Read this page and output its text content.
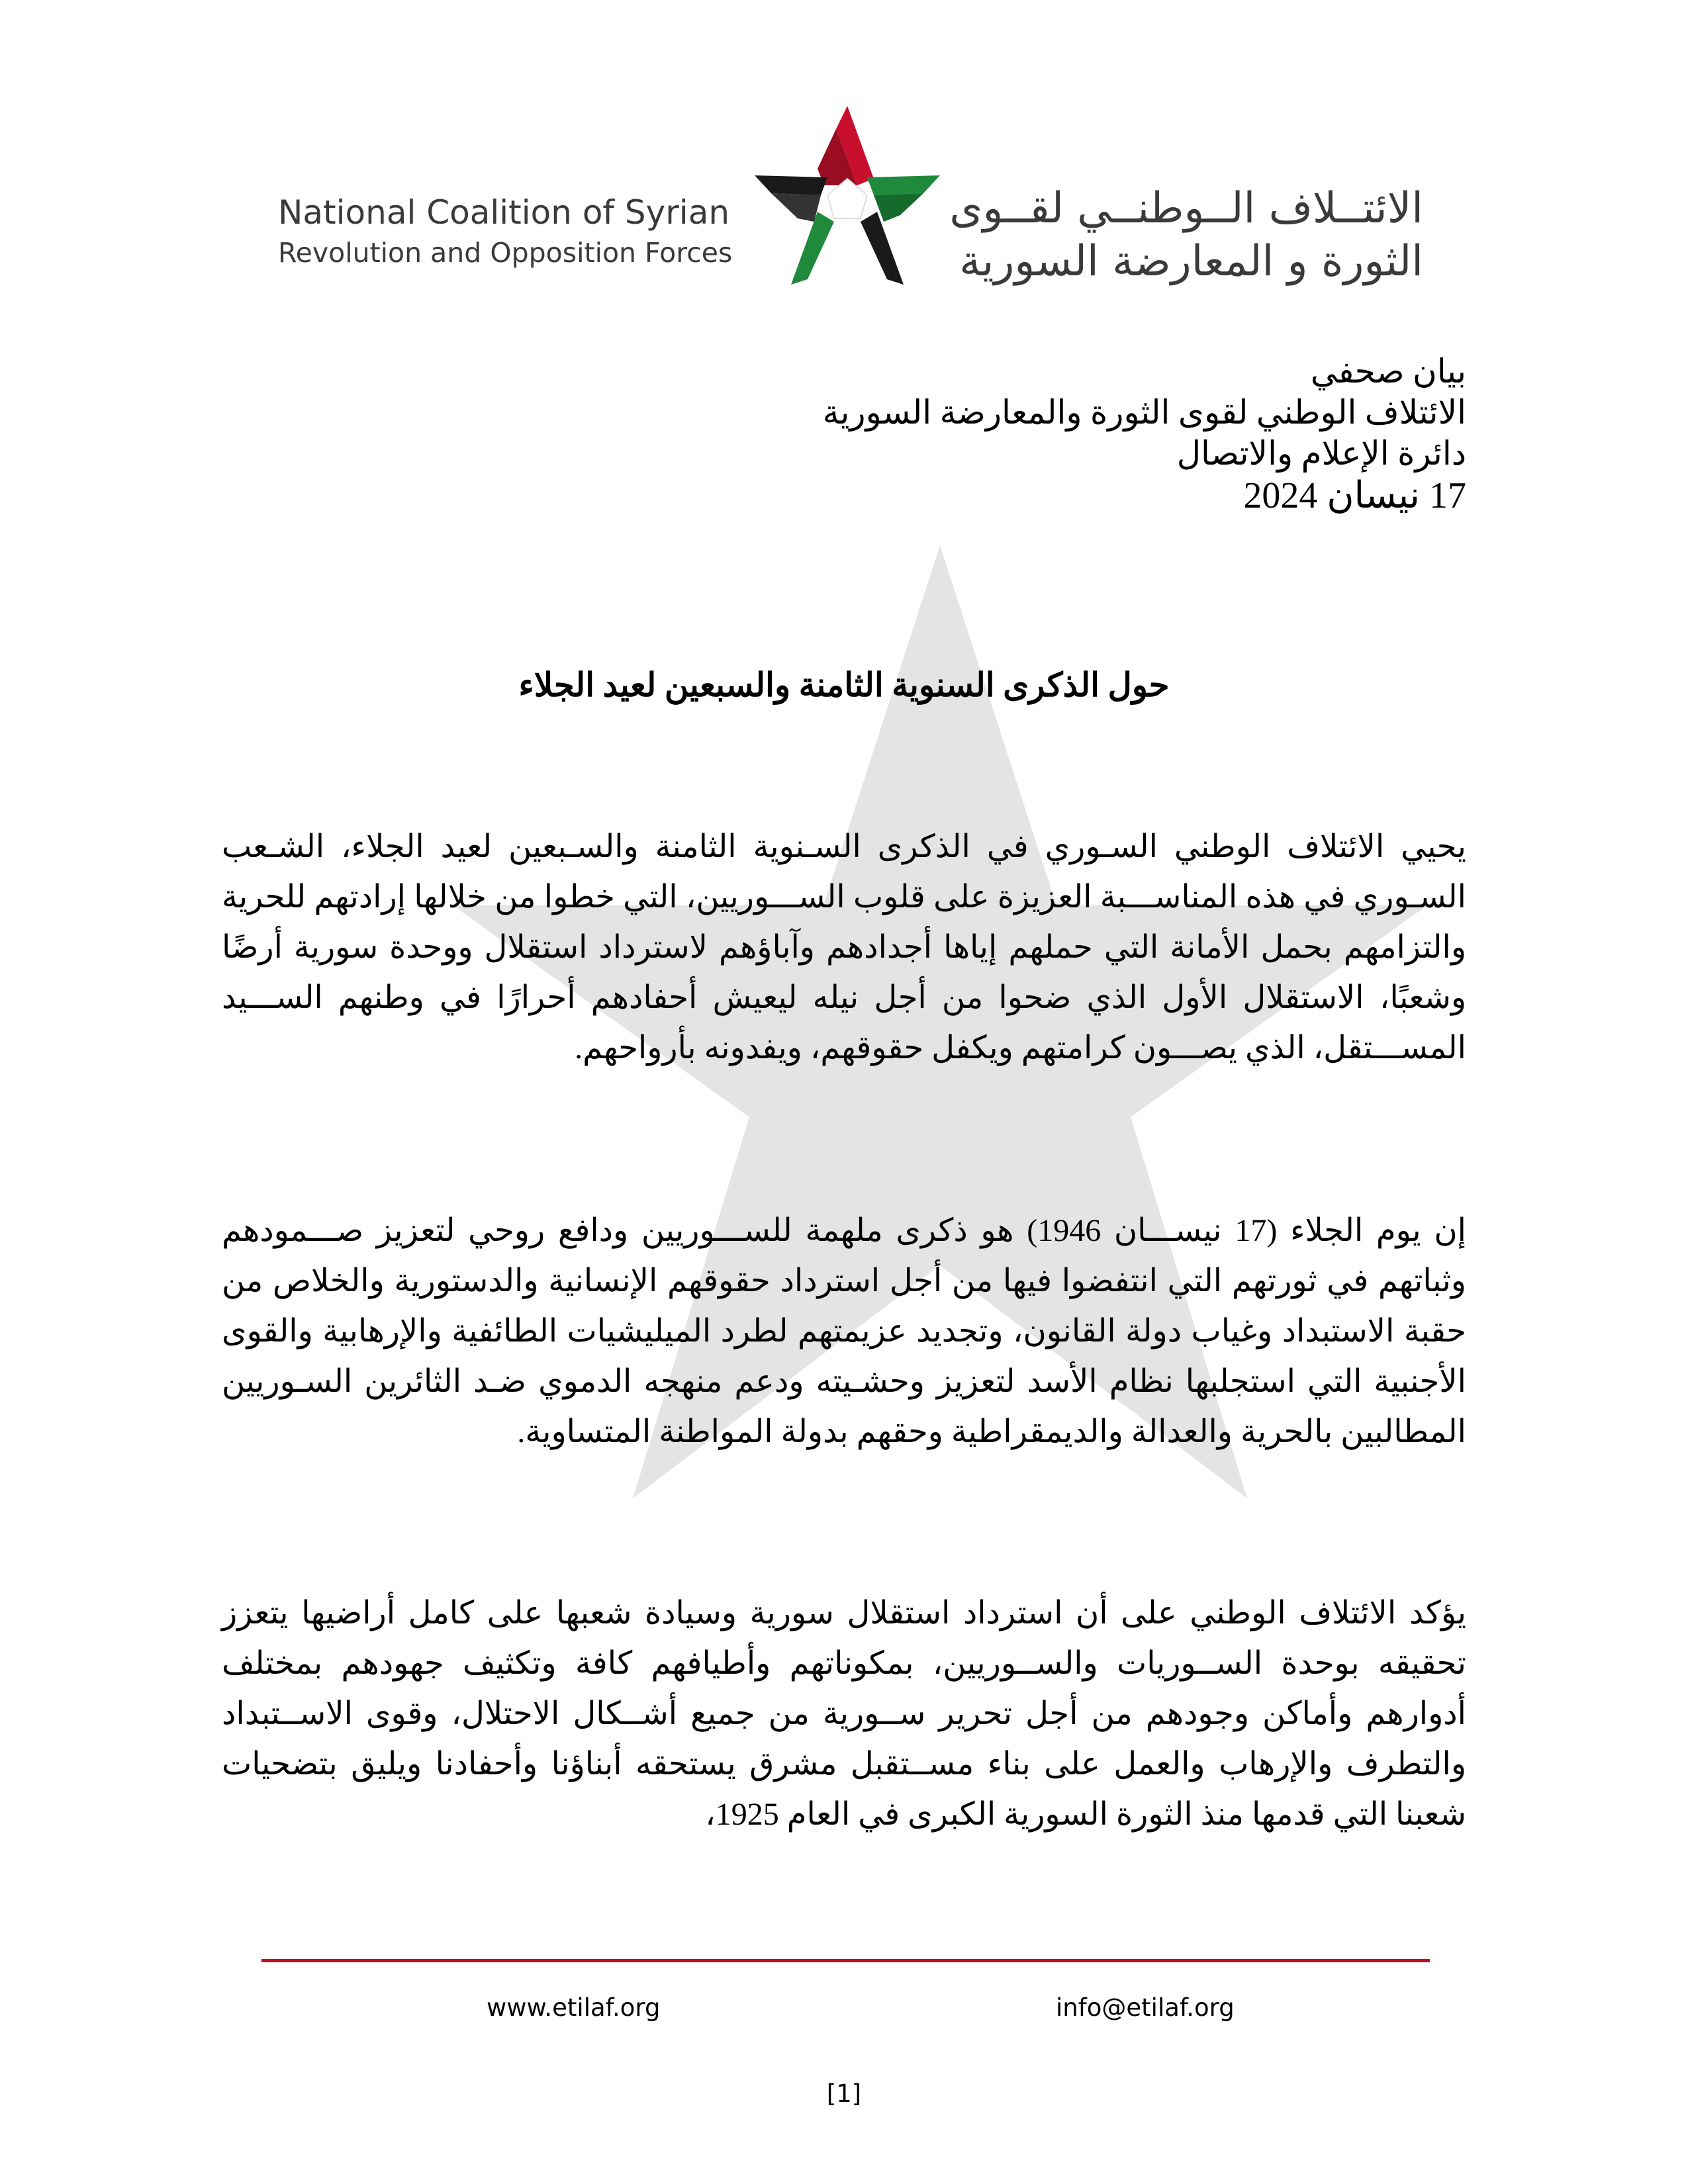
National Coalition of Syrian
Revolution and Opposition Forces
الائتــلاف الــوطنــي لقــوى
الثورة و المعارضة السورية
بيان صحفي
الائتلاف الوطني لقوى الثورة والمعارضة السورية
دائرة الإعلام والاتصال
17 نيسان 2024
حول الذكرى السنوية الثامنة والسبعين لعيد الجلاء
يحيي الائتلاف الوطني السـوري في الذكرى السـنوية الثامنة والسـبعين لعيد الجلاء، الشـعب السـوري في هذه المناســـبة العزيزة على قلوب الســـوريين، التي خطوا من خلالها إرادتهم للحرية والتزامهم بحمل الأمانة التي حملهم إياها أجدادهم وآباؤهم لاسترداد استقلال ووحدة سورية أرضًا وشعبًا، الاستقلال الأول الذي ضحوا من أجل نيله ليعيش أحفادهم أحرارًا في وطنهم الســـيد المســـتقل، الذي يصـــون كرامتهم ويكفل حقوقهم، ويفدونه بأرواحهم.
إن يوم الجلاء (17 نيســـان 1946) هو ذكرى ملهمة للســـوريين ودافع روحي لتعزيز صـــمودهم وثباتهم في ثورتهم التي انتفضوا فيها من أجل استرداد حقوقهم الإنسانية والدستورية والخلاص من حقبة الاستبداد وغياب دولة القانون، وتجديد عزيمتهم لطرد الميليشيات الطائفية والإرهابية والقوى الأجنبية التي استجلبها نظام الأسد لتعزيز وحشـيته ودعم منهجه الدموي ضـد الثائرين السـوريين المطالبين بالحرية والعدالة والديمقراطية وحقهم بدولة المواطنة المتساوية.
يؤكد الائتلاف الوطني على أن استرداد استقلال سورية وسيادة شعبها على كامل أراضيها يتعزز تحقيقه بوحدة الســوريات والســوريين، بمكوناتهم وأطيافهم كافة وتكثيف جهودهم بمختلف أدوارهم وأماكن وجودهم من أجل تحرير ســورية من جميع أشــكال الاحتلال، وقوى الاســتبداد والتطرف والإرهاب والعمل على بناء مســتقبل مشرق يستحقه أبناؤنا وأحفادنا ويليق بتضحيات شعبنا التي قدمها منذ الثورة السورية الكبرى في العام 1925،
www.etilaf.org	info@etilaf.org
[1]
